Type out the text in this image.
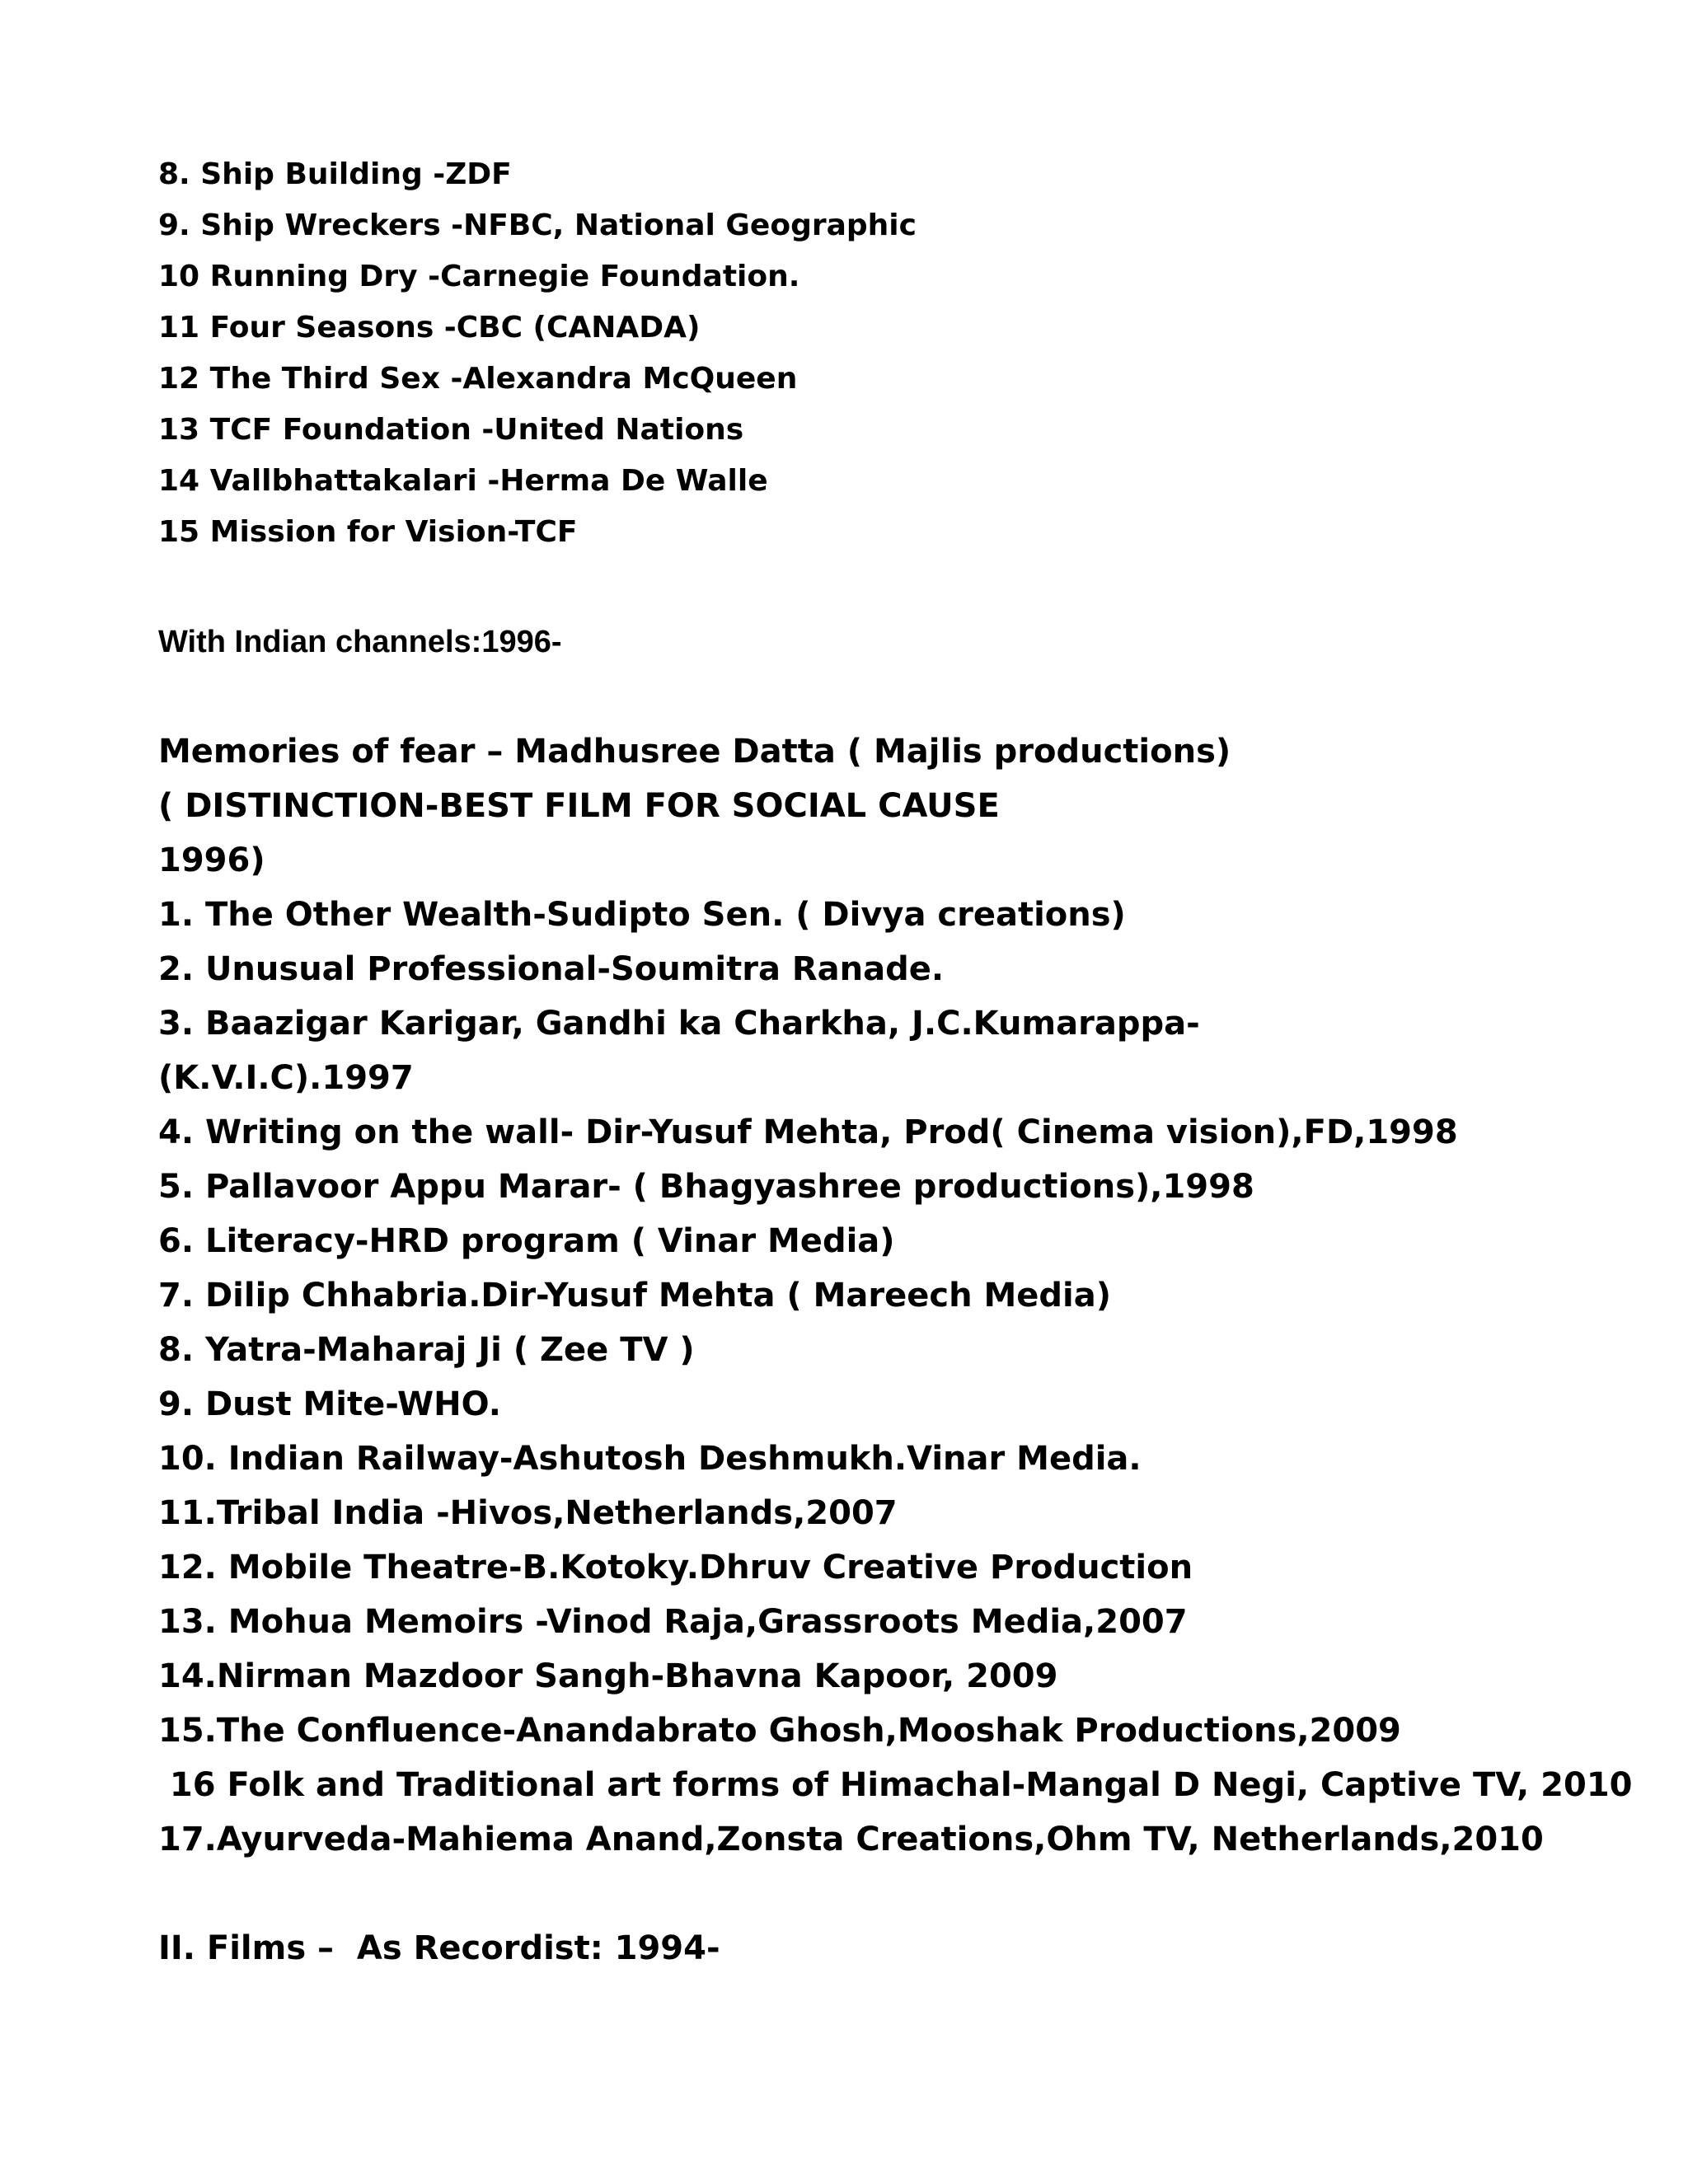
8. Ship Building -ZDF
9. Ship Wreckers -NFBC, National Geographic
10 Running Dry -Carnegie Foundation.
11 Four Seasons -CBC (CANADA)
12 The Third Sex -Alexandra McQueen
13 TCF Foundation -United Nations
14 Vallbhattakalari -Herma De Walle
15 Mission for Vision-TCF
With Indian channels:1996-
Memories of fear – Madhusree Datta ( Majlis productions)
( DISTINCTION-BEST FILM FOR SOCIAL CAUSE
1996)
1. The Other Wealth-Sudipto Sen. ( Divya creations)
2. Unusual Professional-Soumitra Ranade.
3. Baazigar Karigar, Gandhi ka Charkha, J.C.Kumarappa-
(K.V.I.C).1997
4. Writing on the wall- Dir-Yusuf Mehta, Prod( Cinema vision),FD,1998
5. Pallavoor Appu Marar- ( Bhagyashree productions),1998
6. Literacy-HRD program ( Vinar Media)
7. Dilip Chhabria.Dir-Yusuf Mehta ( Mareech Media)
8. Yatra-Maharaj Ji ( Zee TV )
9. Dust Mite-WHO.
10. Indian Railway-Ashutosh Deshmukh.Vinar Media.
11.Tribal India -Hivos,Netherlands,2007
12. Mobile Theatre-B.Kotoky.Dhruv Creative Production
13. Mohua Memoirs -Vinod Raja,Grassroots Media,2007
14.Nirman Mazdoor Sangh-Bhavna Kapoor, 2009
15.The Confluence-Anandabrato Ghosh,Mooshak Productions,2009
16 Folk and Traditional art forms of Himachal-Mangal D Negi, Captive TV, 2010
17.Ayurveda-Mahiema Anand,Zonsta Creations,Ohm TV, Netherlands,2010
II. Films –  As Recordist: 1994-
